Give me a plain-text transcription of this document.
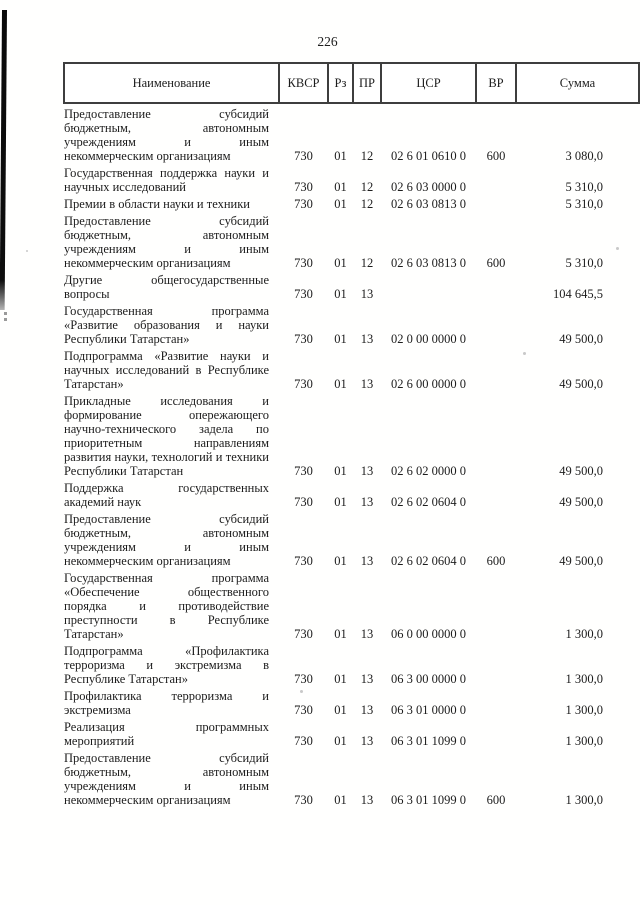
226
Наименование	КВСР	Рз	ПР	ЦСР	ВР	Сумма
Предоставление субсидий бюджетным, автономным учреждениям и иным некоммерческим организациям	730	01	12	02 6 01 0610 0	600	3 080,0
Государственная поддержка науки и научных исследований	730	01	12	02 6 03 0000 0		5 310,0
Премии в области науки и техники	730	01	12	02 6 03 0813 0		5 310,0
Предоставление субсидий бюджетным, автономным учреждениям и иным некоммерческим организациям	730	01	12	02 6 03 0813 0	600	5 310,0
Другие общегосударственные вопросы	730	01	13			104 645,5
Государственная программа «Развитие образования и науки Республики Татарстан»	730	01	13	02 0 00 0000 0		49 500,0
Подпрограмма «Развитие науки и научных исследований в Республике Татарстан»	730	01	13	02 6 00 0000 0		49 500,0
Прикладные исследования и формирование опережающего научно-технического задела по приоритетным направлениям развития науки, технологий и техники Республики Татарстан	730	01	13	02 6 02 0000 0		49 500,0
Поддержка государственных академий наук	730	01	13	02 6 02 0604 0		49 500,0
Предоставление субсидий бюджетным, автономным учреждениям и иным некоммерческим организациям	730	01	13	02 6 02 0604 0	600	49 500,0
Государственная программа «Обеспечение общественного порядка и противодействие преступности в Республике Татарстан»	730	01	13	06 0 00 0000 0		1 300,0
Подпрограмма «Профилактика терроризма и экстремизма в Республике Татарстан»	730	01	13	06 3 00 0000 0		1 300,0
Профилактика терроризма и экстремизма	730	01	13	06 3 01 0000 0		1 300,0
Реализация программных мероприятий	730	01	13	06 3 01 1099 0		1 300,0
Предоставление субсидий бюджетным, автономным учреждениям и иным некоммерческим организациям	730	01	13	06 3 01 1099 0	600	1 300,0
